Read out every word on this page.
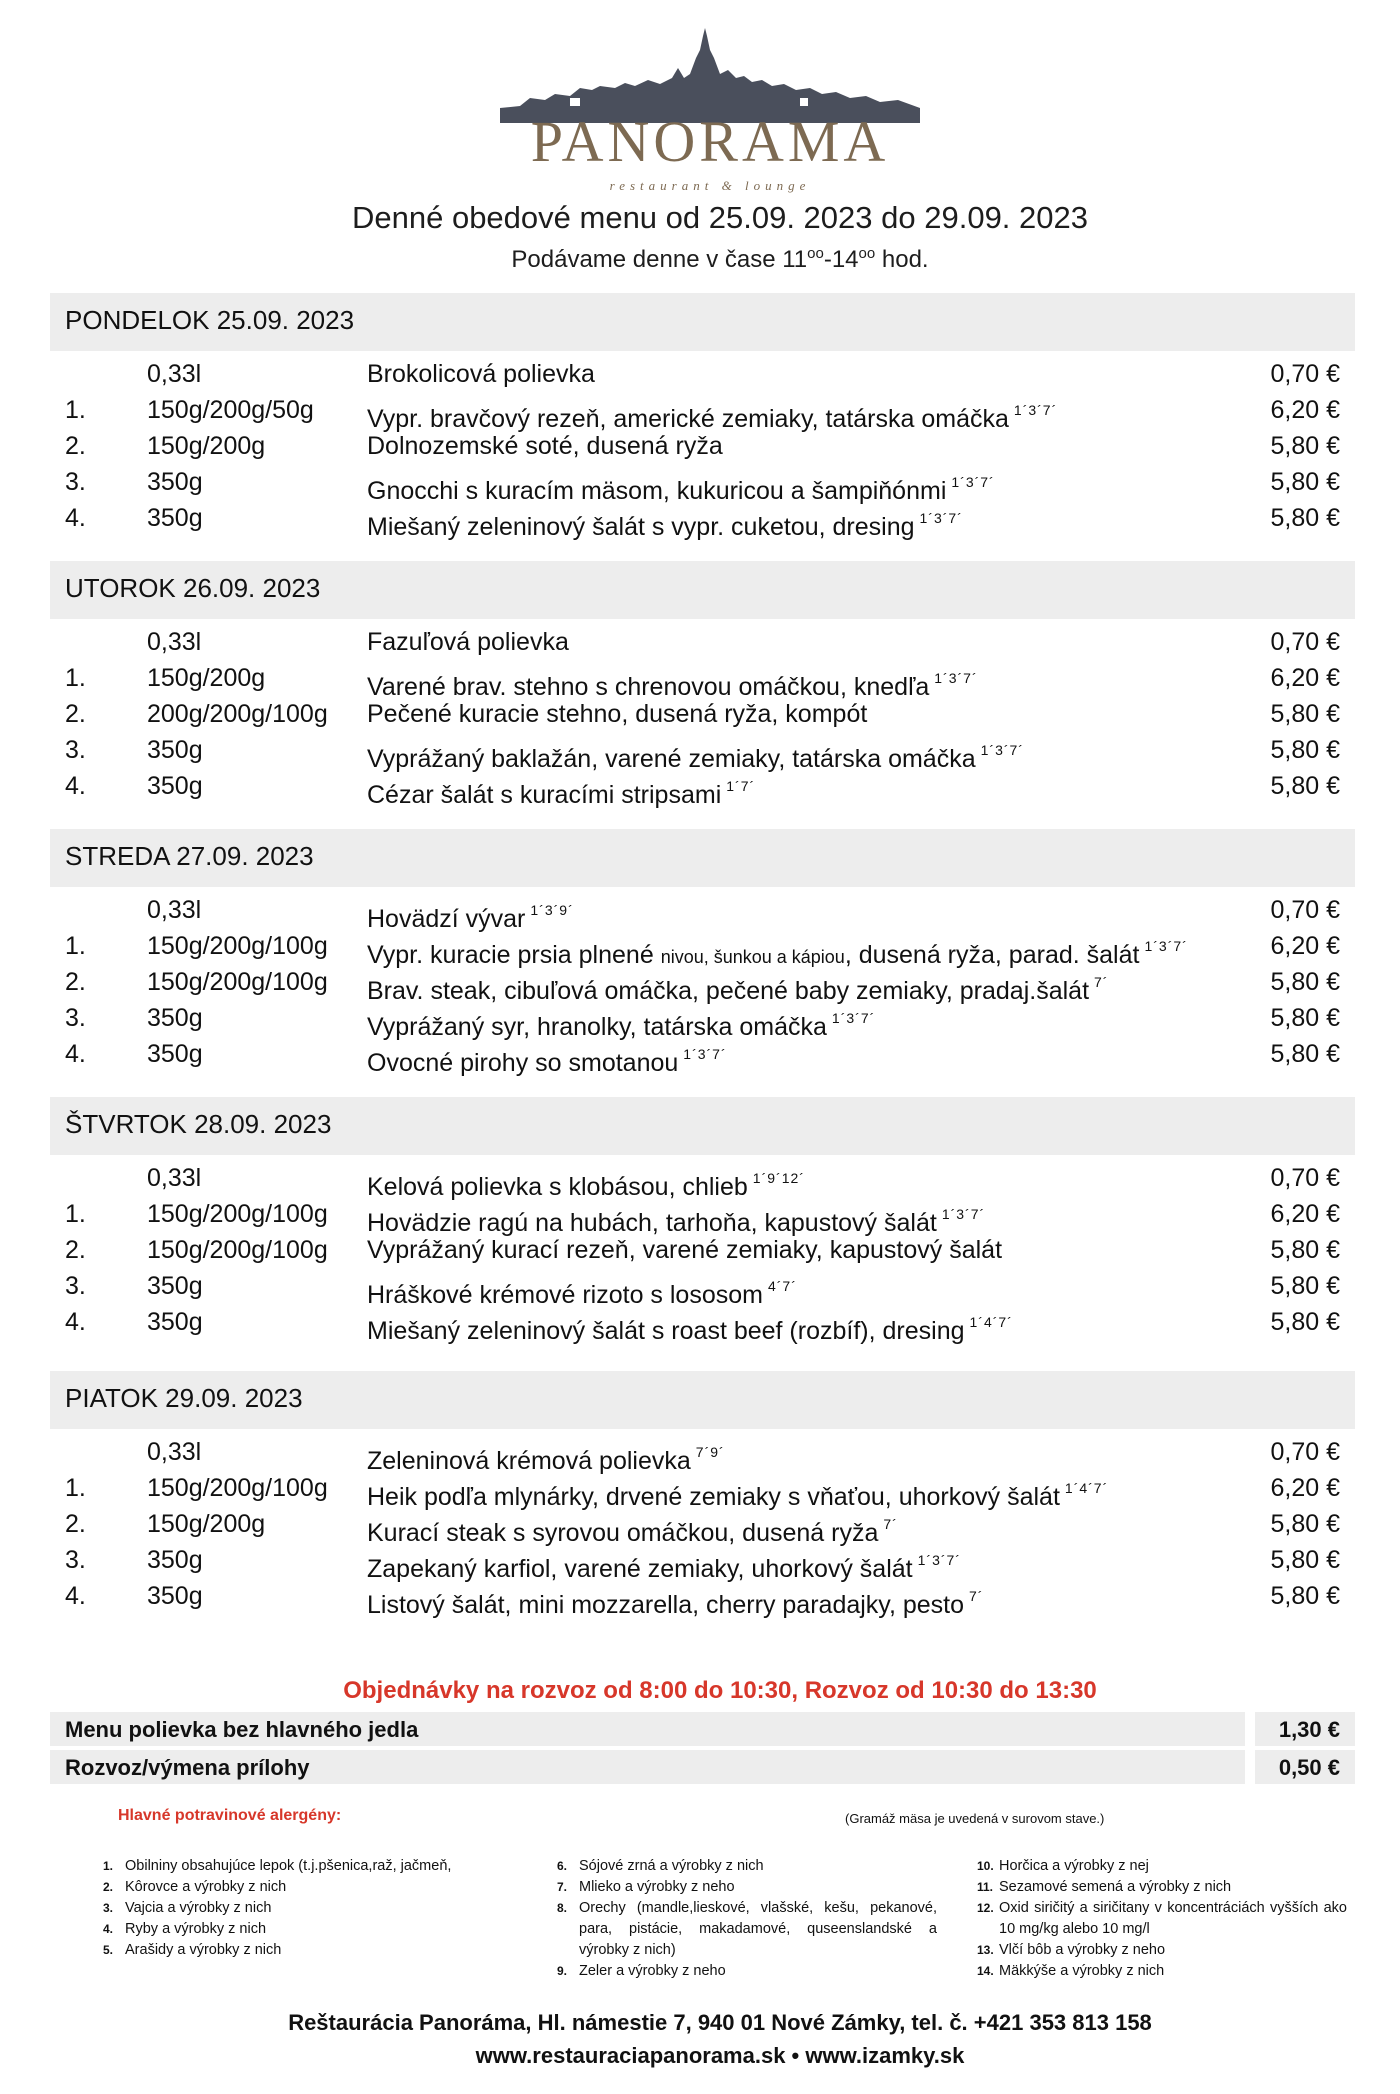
PANORAMA
restaurant & lounge
Denné obedové menu od 25.09. 2023 do 29.09. 2023
Podávame denne v čase $11^{oo}-14^{oo}$ hod.
PONDELOK 25.09. 2023
0,33l	Brokolicová polievka	0,70 €
1. 150g/200g/50g Vypr. bravčový rezeň, americké zemiaky, tatárska omáčka $^{1´3´7´}$	6,20 €
2. 150g/200g	Dolnozemské soté, dusená ryža	5,80 €
3. 350g	Gnocchi s kuracím mäsom, kukuricou a šampiňónmi $^{1´3´7´}$	5,80 €
4. 350g	Miešaný zeleninový šalát s vypr. cuketou, dresing $^{1´3´7´}$	5,80 €
UTOROK 26.09. 2023
0,33l	Fazuľová polievka	0,70 €
1. 150g/200g	Varené brav. stehno s chrenovou omáčkou, knedľa $^{1´3´7´}$	6,20 €
2. 200g/200g/100g Pečené kuracie stehno, dusená ryža, kompót	5,80 €
3. 350g	Vyprážaný baklažán, varené zemiaky, tatárska omáčka $^{1´3´7´}$	5,80 €
4. 350g	Cézar šalát s kuracími stripsami $^{1´7´}$	5,80 €
STREDA 27.09. 2023
0,33l	Hovädzí vývar $^{1´3´9´}$	0,70 €
1. 150g/200g/100g Vypr. kuracie prsia plnené nivou, šunkou a kápiou, dusená ryža, parad. šalát $^{1´3´7´}$	6,20 €
2. 150g/200g/100g Brav. steak, cibuľová omáčka, pečené baby zemiaky, pradaj.šalát $^{7´}$	5,80 €
3. 350g	Vyprážaný syr, hranolky, tatárska omáčka $^{1´3´7´}$	5,80 €
4. 350g	Ovocné pirohy so smotanou $^{1´3´7´}$	5,80 €
ŠTVRTOK 28.09. 2023
0,33l	Kelová polievka s klobásou, chlieb $^{1´9´12´}$	0,70 €
1. 150g/200g/100g Hovädzie ragú na hubách, tarhoňa, kapustový šalát $^{1´3´7´}$	6,20 €
2. 150g/200g/100g Vyprážaný kurací rezeň, varené zemiaky, kapustový šalát	5,80 €
3. 350g	Hráškové krémové rizoto s lososom $^{4´7´}$	5,80 €
4. 350g	Miešaný zeleninový šalát s roast beef (rozbíf), dresing $^{1´4´7´}$	5,80 €
PIATOK 29.09. 2023
0,33l	Zeleninová krémová polievka $^{7´9´}$	0,70 €
1. 150g/200g/100g Heik podľa mlynárky, drvené zemiaky s vňaťou, uhorkový šalát $^{1´4´7´}$	6,20 €
2. 150g/200g	Kurací steak s syrovou omáčkou, dusená ryža $^{7´}$	5,80 €
3. 350g	Zapekaný karfiol, varené zemiaky, uhorkový šalát $^{1´3´7´}$	5,80 €
4. 350g	Listový šalát, mini mozzarella, cherry paradajky, pesto $^{7´}$	5,80 €
Objednávky na rozvoz od 8:00 do 10:30, Rozvoz od 10:30 do 13:30
Menu polievka bez hlavného jedla	1,30 €
Rozvoz/výmena prílohy	0,50 €
Hlavné potravinové alergény:	(Gramáž mäsa je uvedená v surovom stave.)
1. Obilniny obsahujúce lepok (t.j.pšenica,raž, jačmeň,
2. Kôrovce a výrobky z nich
3. Vajcia a výrobky z nich
4. Ryby a výrobky z nich
5. Arašidy a výrobky z nich
6. Sójové zrná a výrobky z nich
7. Mlieko a výrobky z neho
8. Orechy (mandle,lieskové, vlašské, kešu, pekanové, para, pistácie, makadamové, quseenslandské a výrobky z nich)
9. Zeler a výrobky z neho
10. Horčica a výrobky z nej
11. Sezamové semená a výrobky z nich
12. Oxid siričitý a siričitany v koncentráciách vyšších ako 10 mg/kg alebo 10 mg/l
13. Vlčí bôb a výrobky z neho
14. Mäkkýše a výrobky z nich
Reštaurácia Panoráma, Hl. námestie 7, 940 01 Nové Zámky, tel. č. +421 353 813 158
www.restauraciapanorama.sk • www.izamky.sk
